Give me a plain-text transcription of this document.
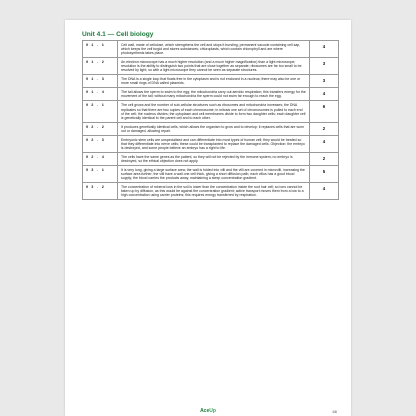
Unit 4.1 — Cell biology
0 1 . 1	Cell wall, made of cellulose, which strengthens the cell and stops it bursting; permanent vacuole containing cell sap, which keeps the cell turgid and stores substances; chloroplasts, which contain chlorophyll and are where photosynthesis takes place.	4
0 1 . 2	An electron microscope has a much higher resolution (and a much higher magnification) than a light microscope; resolution is the ability to distinguish two points that are close together as separate; ribosomes are far too small to be resolved by light, so with a light microscope they cannot be seen as separate structures.	3
0 1 . 3	The DNA is a single loop that floats free in the cytoplasm and is not enclosed in a nucleus; there may also be one or more small rings of DNA called plasmids.	3
0 1 . 4	The tail allows the sperm to swim to the egg; the mitochondria carry out aerobic respiration; this transfers energy for the movement of the tail; without many mitochondria the sperm could not swim far enough to reach the egg.	4
0 2 . 1	The cell grows and the number of sub-cellular structures such as ribosomes and mitochondria increases; the DNA replicates so that there are two copies of each chromosome; in mitosis one set of chromosomes is pulled to each end of the cell; the nucleus divides; the cytoplasm and cell membranes divide to form two daughter cells; each daughter cell is genetically identical to the parent cell and to each other.	6
0 2 . 2	It produces genetically identical cells, which allows the organism to grow and to develop; it replaces cells that are worn out or damaged, allowing repair.	2
0 2 . 3	Embryonic stem cells are unspecialised and can differentiate into most types of human cell; they would be treated so that they differentiate into nerve cells; these could be transplanted to replace the damaged cells. Objection: the embryo is destroyed, and some people believe an embryo has a right to life.	4
0 2 . 4	The cells have the same genes as the patient, so they will not be rejected by the immune system; no embryo is destroyed, so the ethical objection does not apply.	2
0 3 . 1	It is very long, giving a large surface area; the wall is folded into villi and the villi are covered in microvilli, increasing the surface area further; the villi have a wall one cell thick, giving a short diffusion path; each villus has a good blood supply; the blood carries the products away, maintaining a steep concentration gradient.	5
0 3 . 2	The concentration of mineral ions in the soil is lower than the concentration inside the root hair cell; so ions cannot be taken up by diffusion, as this would be against the concentration gradient; active transport moves them from a low to a high concentration using carrier proteins; this requires energy transferred by respiration.	4
AceUp	66
